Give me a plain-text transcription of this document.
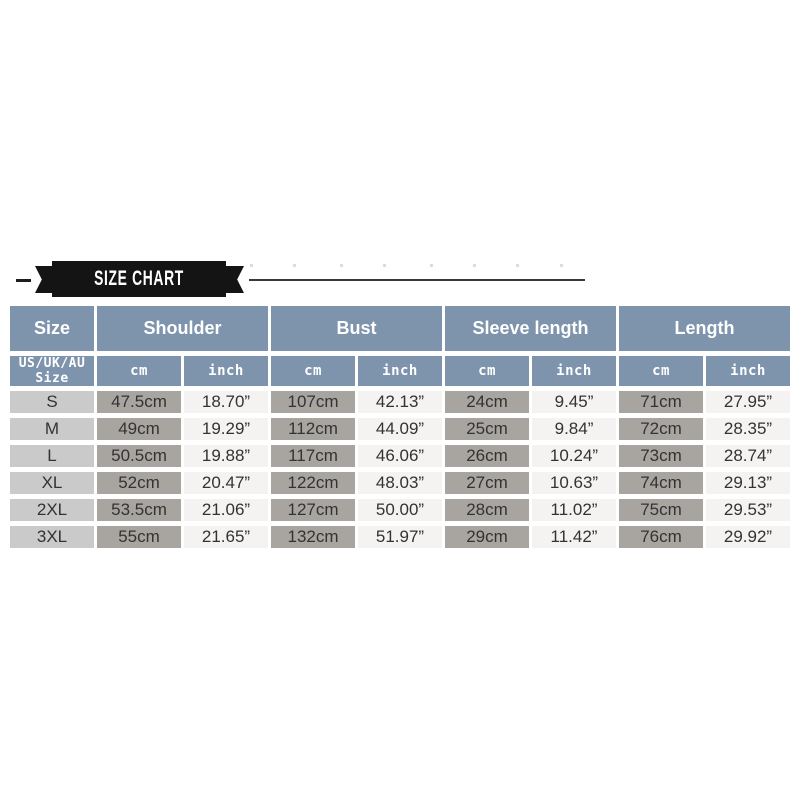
SIZE CHART
Size	Shoulder	Bust	Sleeve length	Length
US/UK/AU
Size	cm	inch	cm	inch	cm	inch	cm	inch
S	47.5cm	18.70”	107cm	42.13”	24cm	9.45”	71cm	27.95”
M	49cm	19.29”	112cm	44.09”	25cm	9.84”	72cm	28.35”
L	50.5cm	19.88”	117cm	46.06”	26cm	10.24”	73cm	28.74”
XL	52cm	20.47”	122cm	48.03”	27cm	10.63”	74cm	29.13”
2XL	53.5cm	21.06”	127cm	50.00”	28cm	11.02”	75cm	29.53”
3XL	55cm	21.65”	132cm	51.97”	29cm	11.42”	76cm	29.92”
